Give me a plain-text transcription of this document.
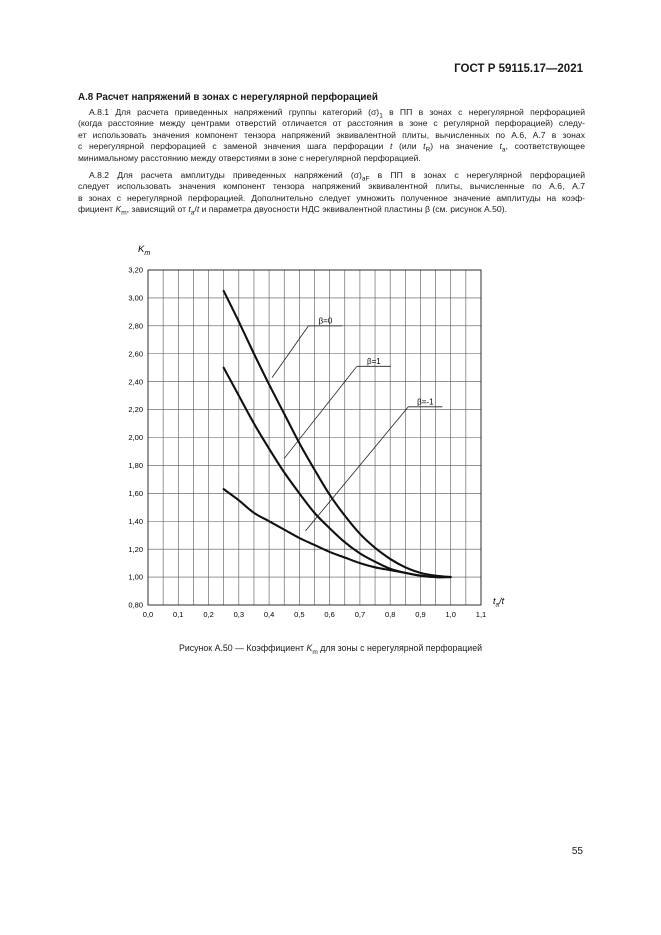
ГОСТ Р 59115.17—2021
А.8 Расчет напряжений в зонах с нерегулярной перфорацией

А.8.1 Для расчета приведенных напряжений группы категорий $(\sigma)_1$ в ПП в зонах с нерегулярной перфорацией
(когда расстояние между центрами отверстий отличается от расстояния в зоне с регулярной перфорацией) следу-
ет использовать значения компонент тензора напряжений эквивалентной плиты, вычисленных по А.6, А.7 в зонах
с нерегулярной перфорацией с заменой значения шага перфорации t (или $t_R$) на значение $t_a$, соответствующее
минимальному расстоянию между отверстиями в зоне с нерегулярной перфорацией.

А.8.2 Для расчета амплитуды приведенных напряжений $(\sigma)_{aF}$ в ПП в зонах с нерегулярной перфорацией
следует использовать значения компонент тензора напряжений эквивалентной плиты, вычисленные по А.6, А.7
в зонах с нерегулярной перфорацией. Дополнительно следует умножить полученное значение амплитуды на коэф-
фициент $K_m$, зависящий от $t_a/t$ и параметра двуосности НДС эквивалентной пластины β (см. рисунок А.50).

0,0	0,1	0,2	0,3	0,4	0,5	0,6	0,7	0,8	0,9	1,0	1,1
0,80
1,00
1,20
1,40
1,60
1,80
2,00
2,20
2,40
2,60
2,80
3,00
3,20
β=0
β=1
β=-1
$K_m$
$t_a/t$
Рисунок А.50 — Коэффициент $K_m$ для зоны с нерегулярной перфорацией
55
